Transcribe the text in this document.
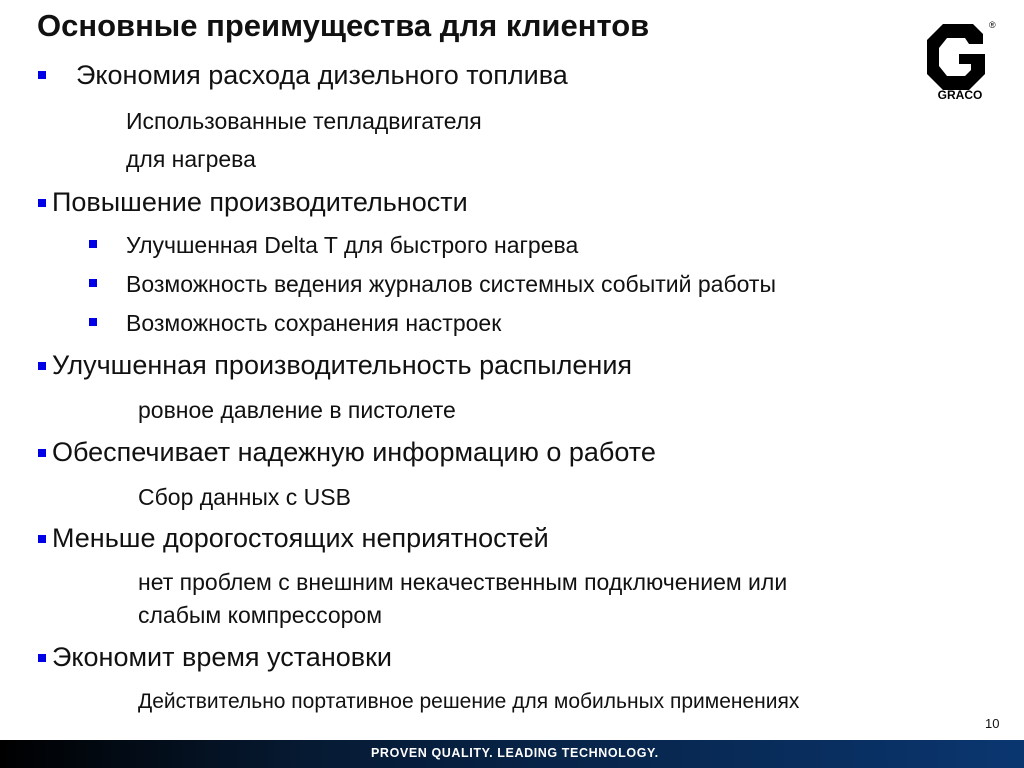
Основные преимущества для клиентов	®
GRACO
Экономия расхода дизельного топлива
Использованные тепладвигателя
для нагрева
Повышение производительности
Улучшенная Delta T для быстрого нагрева
Возможность ведения журналов системных событий работы
Возможность сохранения настроек
Улучшенная производительность распыления
ровное давление в пистолете
Обеспечивает надежную информацию о работе
Сбор данных с USB
Меньше дорогостоящих неприятностей
нет проблем с внешним некачественным подключением или
слабым компрессором
Экономит время установки
Действительно портативное решение для мобильных применениях
10
PROVEN QUALITY. LEADING TECHNOLOGY.
